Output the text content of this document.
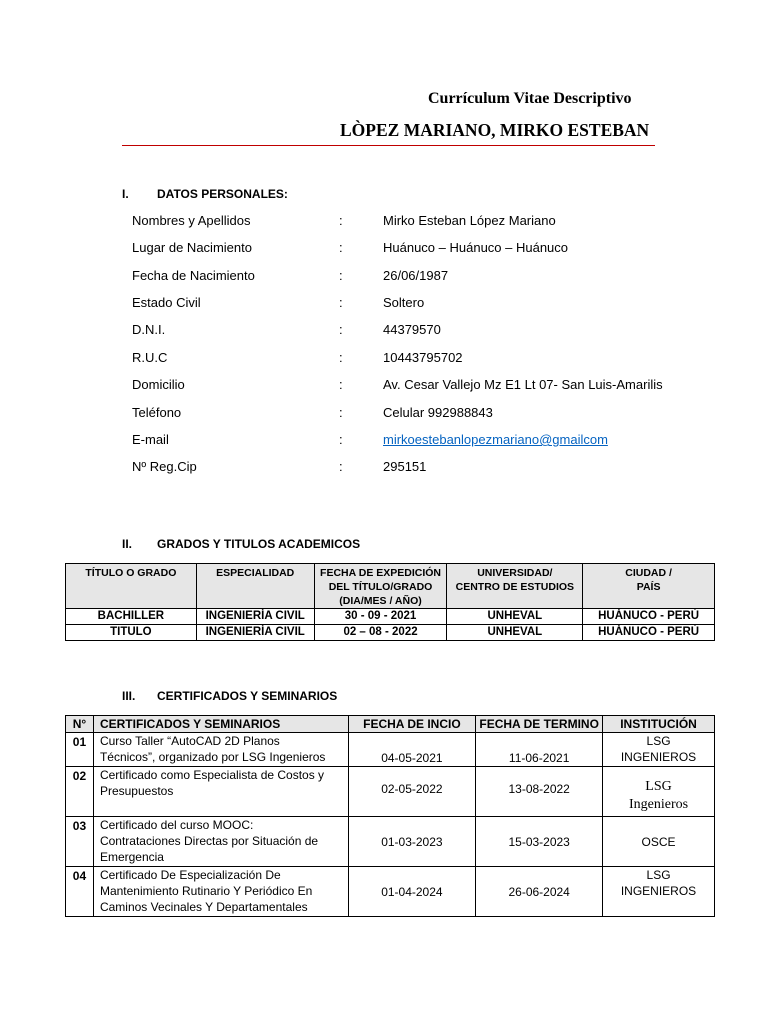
Currículum Vitae Descriptivo
LÒPEZ MARIANO, MIRKO ESTEBAN
I. DATOS PERSONALES:
Nombres y Apellidos	:	Mirko Esteban López Mariano
Lugar de Nacimiento	:	Huánuco – Huánuco – Huánuco
Fecha de Nacimiento	:	26/06/1987
Estado Civil	:	Soltero
D.N.I.	:	44379570
R.U.C	:	10443795702
Domicilio	:	Av. Cesar Vallejo Mz E1 Lt 07- San Luis-Amarilis
Teléfono	:	Celular 992988843
E-mail	:	mirkoestebanlopezmariano@gmailcom
Nº Reg.Cip	:	295151
II. GRADOS Y TITULOS ACADEMICOS
TÍTULO O GRADO	ESPECIALIDAD	FECHA DE EXPEDICIÓN
DEL TÍTULO/GRADO
(DIA/MES / AÑO)	UNIVERSIDAD/
CENTRO DE ESTUDIOS	CIUDAD /
PAÍS
BACHILLER	INGENIERÍA CIVIL	30 - 09 - 2021	UNHEVAL	HUÁNUCO - PERÚ
TITULO	INGENIERÍA CIVIL	02 – 08 - 2022	UNHEVAL	HUÁNUCO - PERÚ
III. CERTIFICADOS Y SEMINARIOS
N°	CERTIFICADOS Y SEMINARIOS	FECHA DE INCIO	FECHA DE TERMINO	INSTITUCIÓN
01	Curso Taller “AutoCAD 2D Planos
Técnicos”, organizado por LSG Ingenieros	04-05-2021	11-06-2021	LSG
INGENIEROS
02	Certificado como Especialista de Costos y
Presupuestos	02-05-2022	13-08-2022	LSG
Ingenieros
03	Certificado del curso MOOC:
Contrataciones Directas por Situación de
Emergencia	01-03-2023	15-03-2023	OSCE
04	Certificado De Especialización De
Mantenimiento Rutinario Y Periódico En
Caminos Vecinales Y Departamentales	01-04-2024	26-06-2024	LSG
INGENIEROS
